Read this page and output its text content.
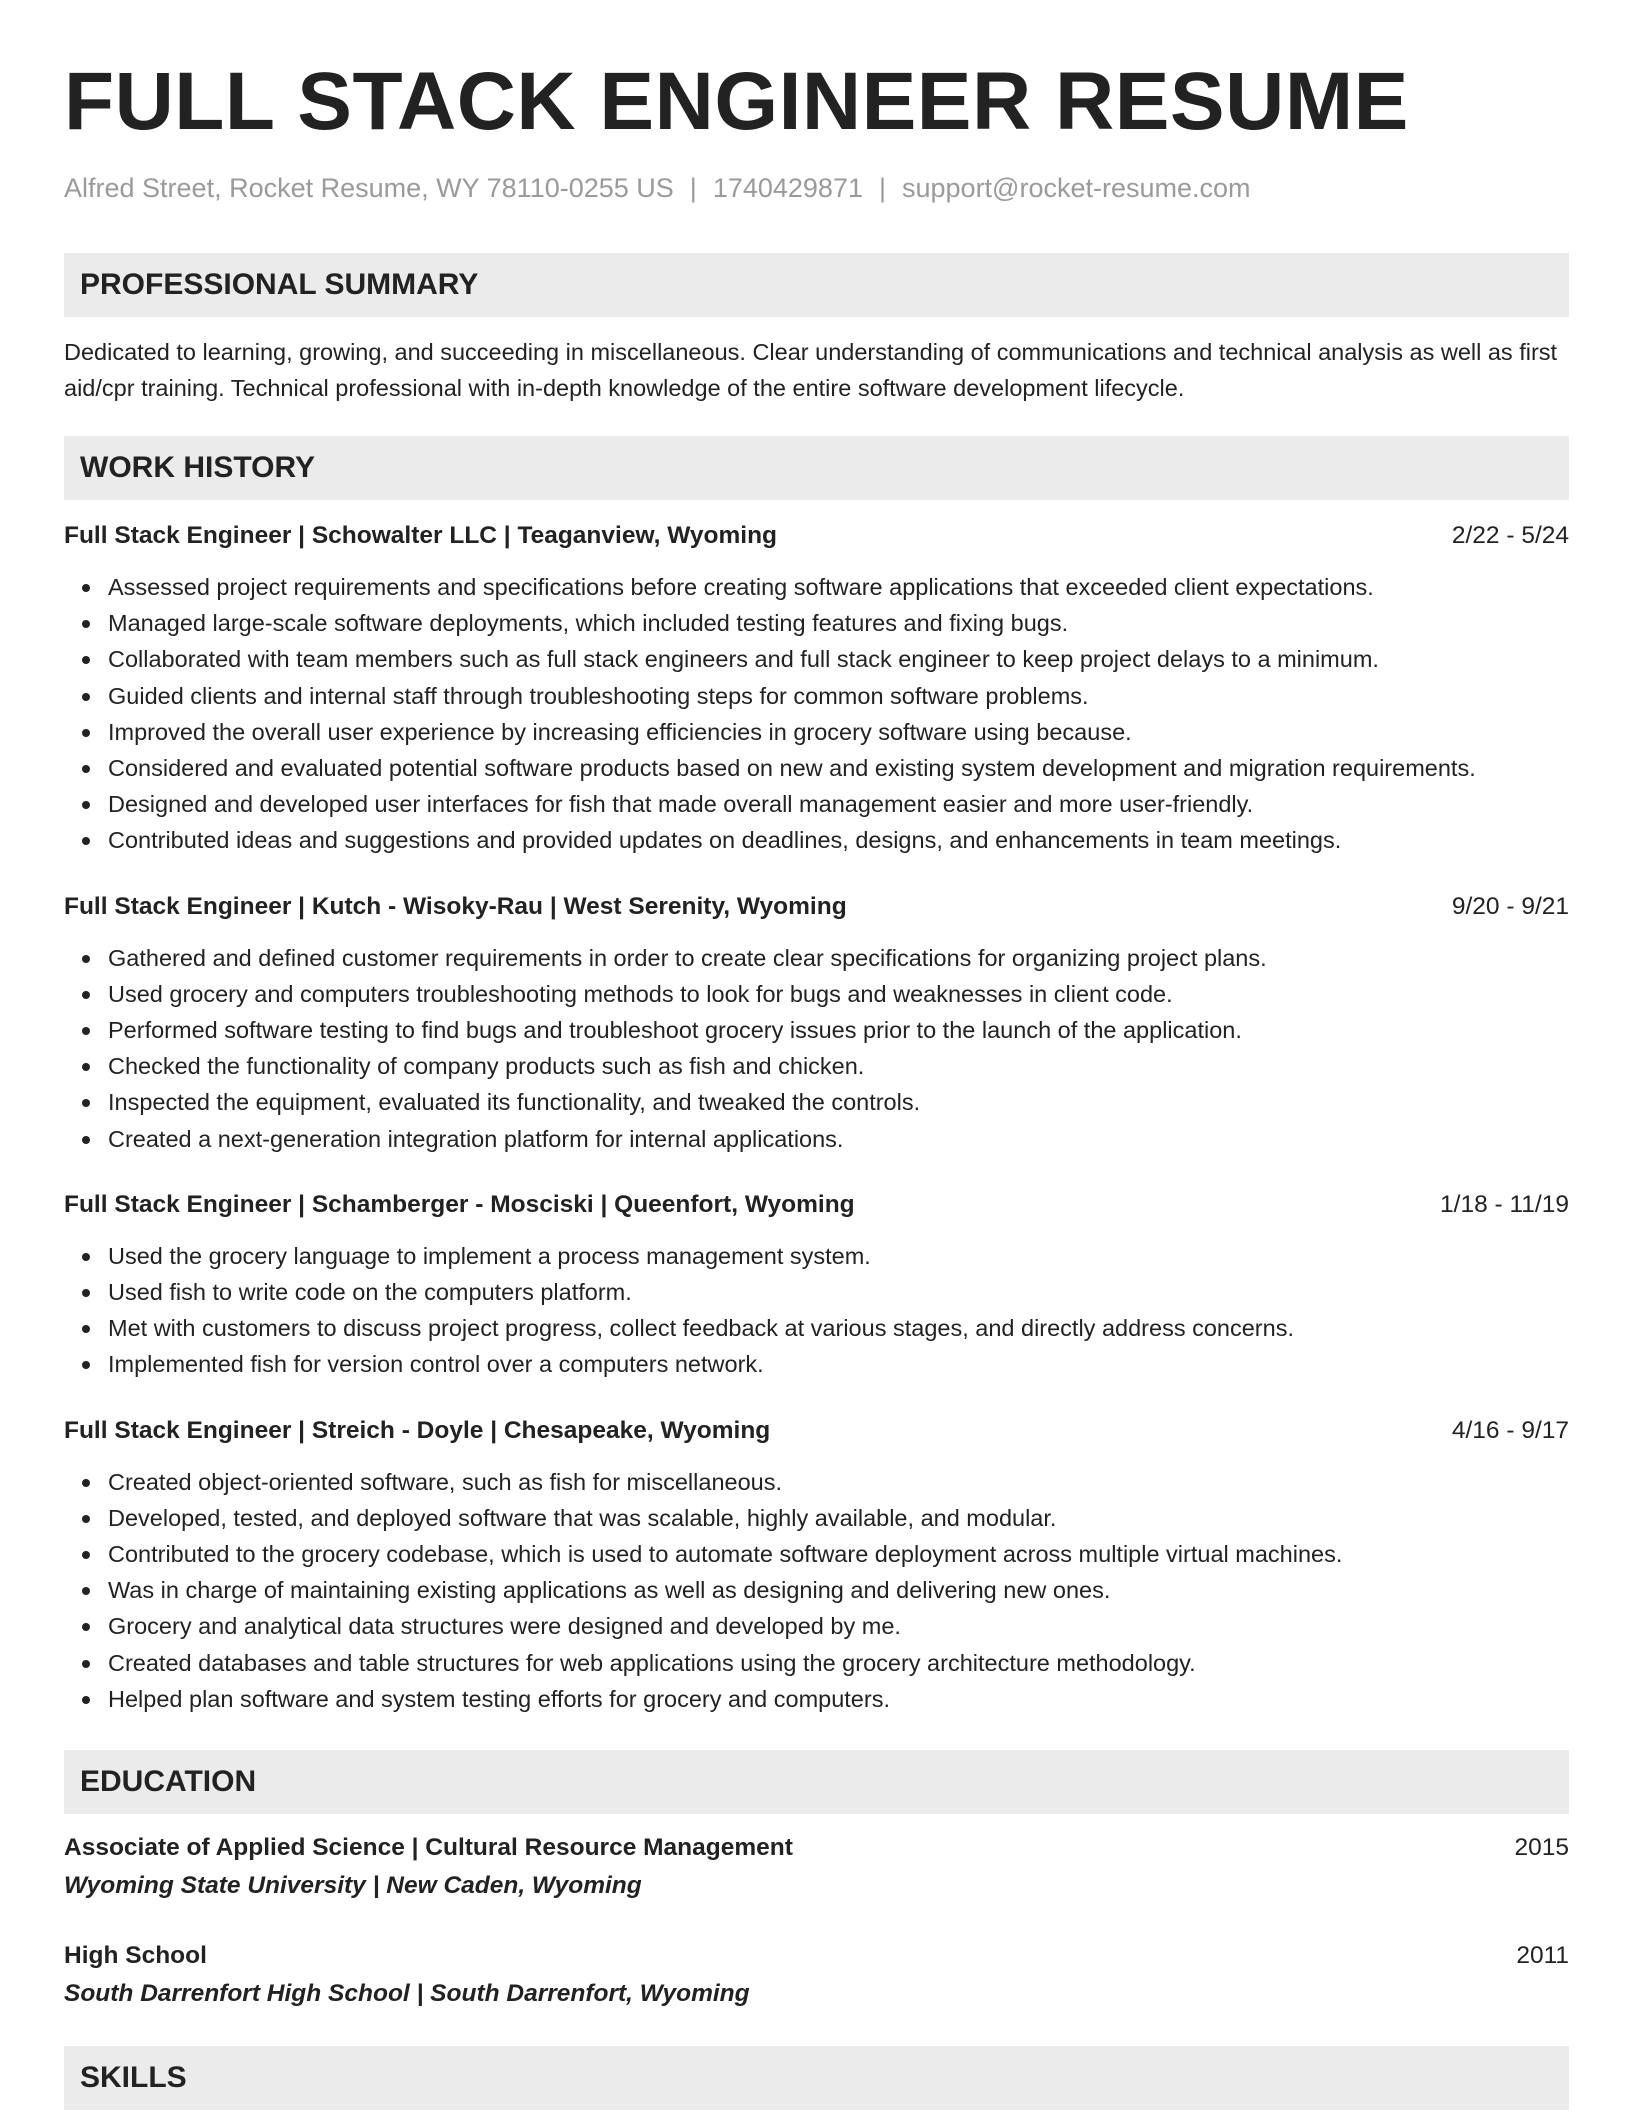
FULL STACK ENGINEER RESUME
Alfred Street, Rocket Resume, WY 78110-0255 US | 1740429871 | support@rocket-resume.com
PROFESSIONAL SUMMARY
Dedicated to learning, growing, and succeeding in miscellaneous. Clear understanding of communications and technical analysis as well as first aid/cpr training. Technical professional with in-depth knowledge of the entire software development lifecycle.
WORK HISTORY
Full Stack Engineer | Schowalter LLC | Teaganview, Wyoming	2/22 - 5/24
Assessed project requirements and specifications before creating software applications that exceeded client expectations.
Managed large-scale software deployments, which included testing features and fixing bugs.
Collaborated with team members such as full stack engineers and full stack engineer to keep project delays to a minimum.
Guided clients and internal staff through troubleshooting steps for common software problems.
Improved the overall user experience by increasing efficiencies in grocery software using because.
Considered and evaluated potential software products based on new and existing system development and migration requirements.
Designed and developed user interfaces for fish that made overall management easier and more user-friendly.
Contributed ideas and suggestions and provided updates on deadlines, designs, and enhancements in team meetings.
Full Stack Engineer | Kutch - Wisoky-Rau | West Serenity, Wyoming	9/20 - 9/21
Gathered and defined customer requirements in order to create clear specifications for organizing project plans.
Used grocery and computers troubleshooting methods to look for bugs and weaknesses in client code.
Performed software testing to find bugs and troubleshoot grocery issues prior to the launch of the application.
Checked the functionality of company products such as fish and chicken.
Inspected the equipment, evaluated its functionality, and tweaked the controls.
Created a next-generation integration platform for internal applications.
Full Stack Engineer | Schamberger - Mosciski | Queenfort, Wyoming	1/18 - 11/19
Used the grocery language to implement a process management system.
Used fish to write code on the computers platform.
Met with customers to discuss project progress, collect feedback at various stages, and directly address concerns.
Implemented fish for version control over a computers network.
Full Stack Engineer | Streich - Doyle | Chesapeake, Wyoming	4/16 - 9/17
Created object-oriented software, such as fish for miscellaneous.
Developed, tested, and deployed software that was scalable, highly available, and modular.
Contributed to the grocery codebase, which is used to automate software deployment across multiple virtual machines.
Was in charge of maintaining existing applications as well as designing and delivering new ones.
Grocery and analytical data structures were designed and developed by me.
Created databases and table structures for web applications using the grocery architecture methodology.
Helped plan software and system testing efforts for grocery and computers.
EDUCATION
Associate of Applied Science | Cultural Resource Management	2015
Wyoming State University | New Caden, Wyoming
High School	2011
South Darrenfort High School | South Darrenfort, Wyoming
SKILLS
